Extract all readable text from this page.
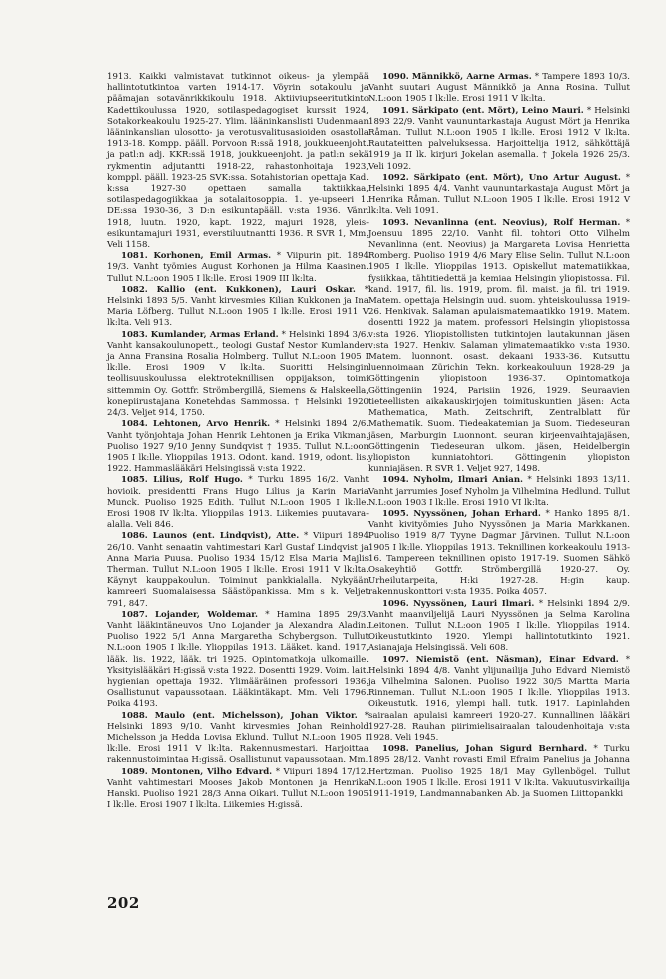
1913. Kaikki valmistavat tutkinnot oikeus- ja ylempää hallintotutkintoa varten 1914-17. Vöyrin sotakoulu ja päämajan sotavänrikkikoulu 1918. Aktiiviupseeritutkinto Kadettikoulussa 1920, sotilaspedagogiset kurssit 1924, Sotakorkeakoulu 1925-27. Ylim. lääninkanslisti Uudenmaan lääninkanslian ulosotto- ja verotusvalitusasioiden osastolla 1913-18. Kompp. pääll. Porvoon R:ssä 1918, joukkueenjoht. ja patl:n adj. KKR:ssä 1918, joukkueenjoht. ja patl:n sekä rykmentin adjutantti 1918-22, rahastonhoitaja 1923, komppl. pääll. 1923-25 SVK:ssa. Sotahistorian opettaja Kad. k:ssa 1927-30 opettaen samalla taktiikkaa, sotilaspedagogiikkaa ja sotalaitosoppia. 1. ye-upseeri 1. DE:ssa 1930-36, 3 D:n esikuntapääll. v:sta 1936. Vänr. 1918, luutn. 1920, kapt. 1922, majuri 1928, yleis-esikuntamajuri 1931, everstiluutnantti 1936. R SVR 1, Mm. Veli 1158.

1081. Korhonen, Emil Armas. * Viipurin pit. 1894 19/3. Vanht työmies August Korhonen ja Hilma Kaasinen. Tullut N.L:oon 1905 I lk:lle. Erosi 1909 III lk:lta.

1082. Kallio (ent. Kukkonen), Lauri Oskar. * Helsinki 1893 5/5. Vanht kirvesmies Kilian Kukkonen ja Ina Maria Löfberg. Tullut N.L:oon 1905 I lk:lle. Erosi 1911 V lk:lta. Veli 913.

1083. Kumlander, Armas Erland. * Helsinki 1894 3/6. Vanht kansakoulunopett., teologi Gustaf Nestor Kumlander ja Anna Fransina Rosalia Holmberg. Tullut N.L:oon 1905 I lk:lle. Erosi 1909 V lk:lta. Suoritti Helsingin teollisuuskoulussa elektroteknillisen oppijakson, toimi sittemmin Oy. Gottfr. Strömbergillä, Siemens & Halskeella, konepiirustajana Konetehdas Sammossa. † Helsinki 1920 24/3. Veljet 914, 1750.

1084. Lehtonen, Arvo Henrik. * Helsinki 1894 2/6. Vanht työnjohtaja Johan Henrik Lehtonen ja Erika Vikman. Puoliso 1927 9/10 Jenny Sundqvist † 1935. Tullut N.L:oon 1905 I lk:lle. Ylioppilas 1913. Odont. kand. 1919, odont. lis. 1922. Hammaslääkäri Helsingissä v:sta 1922.

1085. Lilius, Rolf Hugo. * Turku 1895 16/2. Vanht hovioik. presidentti Frans Hugo Lilius ja Karin Maria Munck. Puoliso 1925 Edith. Tullut N.L:oon 1905 I lk:lle. Erosi 1908 IV lk:lta. Ylioppilas 1913. Liikemies puutavara-alalla. Veli 846.

1086. Launos (ent. Lindqvist), Atte. * Viipuri 1894 26/10. Vanht senaatin vahtimestari Karl Gustaf Lindqvist ja Anna Maria Puusa. Puoliso 1934 15/12 Elsa Maria Majlis Therman. Tullut N.L:oon 1905 I lk:lle. Erosi 1911 V lk:lta. Käynyt kauppakoulun. Toiminut pankkialalla. Nykyään kamreeri Suomalaisessa Säästöpankissa. Mm s k. Veljet 791, 847.

1087. Lojander, Woldemar. * Hamina 1895 29/3. Vanht lääkintäneuvos Uno Lojander ja Alexandra Aladin. Puoliso 1922 5/1 Anna Margaretha Schybergson. Tullut N.L:oon 1905 I lk:lle. Ylioppilas 1913. Lääket. kand. 1917, lääk. lis. 1922, lääk. tri 1925. Opintomatkoja ulkomaille. Yksityislääkäri H:gissä v:sta 1922. Dosentti 1929. Voim. lait. hygienian opettaja 1932. Ylimääräinen professori 1936. Osallistunut vapaussotaan. Lääkintäkapt. Mm. Veli 1796. Poika 4193.

1088. Maulo (ent. Michelsson), Johan Viktor. * Helsinki 1893 9/10. Vanht kirvesmies Johan Reinhold Michelsson ja Hedda Lovisa Eklund. Tullut N.L:oon 1905 I lk:lle. Erosi 1911 V lk:lta. Rakennusmestari. Harjoittaa rakennustoimintaa H:gissä. Osallistunut vapaussotaan. Mm.

1089. Montonen, Vilho Edvard. * Viipuri 1894 17/12. Vanht vahtimestari Mooses Jakob Montonen ja Henrika Hanski. Puoliso 1921 28/3 Anna Oikari. Tullut N.L:oon 1905 I lk:lle. Erosi 1907 I lk:lta. Liikemies H:gissä.

1090. Männikkö, Aarne Armas. * Tampere 1893 10/3. Vanht suutari August Männikkö ja Anna Rosina. Tullut N.L:oon 1905 I lk:lle. Erosi 1911 V lk:lta.

1091. Särkipato (ent. Mört), Leino Mauri. * Helsinki 1893 22/9. Vanht vaununtarkastaja August Mört ja Henrika Råman. Tullut N.L:oon 1905 I lk:lle. Erosi 1912 V lk:lta. Rautateitten palveluksessa. Harjoittelija 1912, sähköttäjä 1919 ja II lk. kirjuri Jokelan asemalla. † Jokela 1926 25/3. Veli 1092.

1092. Särkipato (ent. Mört), Uno Artur August. * Helsinki 1895 4/4. Vanht vaununtarkastaja August Mört ja Henrika Råman. Tullut N.L:oon 1905 I lk:lle. Erosi 1912 V lk:lta. Veli 1091.

1093. Nevanlinna (ent. Neovius), Rolf Herman. * Joensuu 1895 22/10. Vanht fil. tohtori Otto Vilhelm Nevanlinna (ent. Neovius) ja Margareta Lovisa Henrietta Romberg. Puoliso 1919 4/6 Mary Elise Selin. Tullut N.L:oon 1905 I lk:lle. Ylioppilas 1913. Opiskellut matematiikkaa, fysiikkaa, tähtitiedettä ja kemiaa Helsingin yliopistossa. Fil. kand. 1917, fil. lis. 1919, prom. fil. maist. ja fil. tri 1919. Matem. opettaja Helsingin uud. suom. yhteiskoulussa 1919-26. Henkivak. Salaman apulaismatemaatikko 1919. Matem. dosentti 1922 ja matem. professori Helsingin yliopistossa v:sta 1926. Yliopistollisten tutkintojen lautakunnan jäsen v:sta 1927. Henkiv. Salaman ylimatemaatikko v:sta 1930. Matem. luonnont. osast. dekaani 1933-36. Kutsuttu luennoimaan Zürichin Tekn. korkeakouluun 1928-29 ja Göttingenin yliopistoon 1936-37. Opintomatkoja Göttingeniin 1924, Parisiin 1926, 1929. Seuraavien tieteellisten aikakauskirjojen toimituskuntien jäsen: Acta Mathematica, Math. Zeitschrift, Zentralblatt für Mathematik. Suom. Tiedeakatemian ja Suom. Tiedeseuran jäsen, Marburgin Luonnont. seuran kirjeenvaihtajajäsen, Göttingenin Tiedeseuran ulkom. jäsen, Heidelbergin yliopiston kunniatohtori. Göttingenin yliopiston kunniajäsen. R SVR 1. Veljet 927, 1498.

1094. Nyholm, Ilmari Anian. * Helsinki 1893 13/11. Vanht jarrumies Josef Nyholm ja Vilhelmina Hedlund. Tullut N.L:oon 1903 I lk:lle. Erosi 1910 VI lk:lta.

1095. Nyyssönen, Johan Erhard. * Hanko 1895 8/1. Vanht kivityömies Juho Nyyssönen ja Maria Markkanen. Puoliso 1919 8/7 Tyyne Dagmar Järvinen. Tullut N.L:oon 1905 I lk:lle. Ylioppilas 1913. Teknillinen korkeakoulu 1913-16. Tampereen teknillinen opisto 1917-19. Suomen Sähkö Osakeyhtiö Gottfr. Strömbergillä 1920-27. Oy. Urheilutarpeita, H:ki 1927-28. H:gin kaup. rakennuskonttori v:sta 1935. Poika 4057.

1096. Nyyssönen, Lauri Ilmari. * Helsinki 1894 2/9. Vanht maanviljelijä Lauri Nyyssönen ja Selma Karolina Leitonen. Tullut N.L:oon 1905 I lk:lle. Ylioppilas 1914. Oikeustutkinto 1920. Ylempi hallintotutkinto 1921. Asianajaja Helsingissä. Veli 608.

1097. Niemistö (ent. Näsman), Einar Edvard. * Helsinki 1894 4/8. Vanht ylijunailija Juho Edvard Niemistö ja Vilhelmina Salonen. Puoliso 1922 30/5 Martta Maria Rinneman. Tullut N.L:oon 1905 I lk:lle. Ylioppilas 1913. Oikeustutk. 1916, ylempi hall. tutk. 1917. Lapinlahden sairaalan apulaisi kamreeri 1920-27. Kunnallinen lääkäri 1927-28. Rauhan piirimielisairaalan taloudenhoitaja v:sta 1928. Veli 1945.

1098. Panelius, Johan Sigurd Bernhard. * Turku 1895 28/12. Vanht rovasti Emil Efraim Panelius ja Johanna Hertzman. Puoliso 1925 18/1 May Gyllenbögel. Tullut N.L:oon 1905 I lk:lle. Erosi 1911 V lk:lta. Vakuutusvirkailija 1911-1919, Landmannabanken Ab. ja Suomen Liittopankki

202
